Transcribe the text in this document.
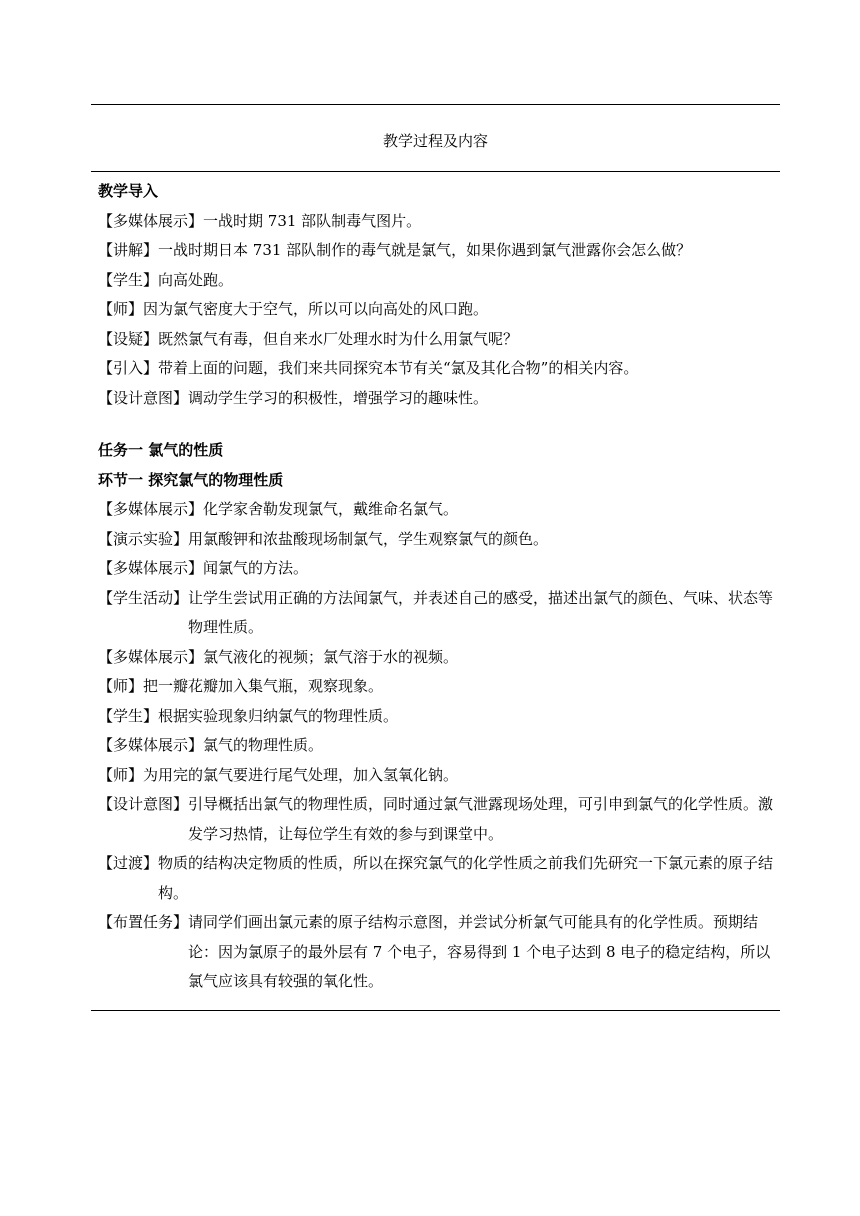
教学过程及内容
教学导入
【多媒体展示】 一战时期 731 部队制毒气图片。
【讲解】 一战时期日本 731 部队制作的毒气就是氯气，如果你遇到氯气泄露你会怎么做？
【学生】 向高处跑。
【师】 因为氯气密度大于空气，所以可以向高处的风口跑。
【设疑】 既然氯气有毒，但自来水厂处理水时为什么用氯气呢？
【引入】 带着上面的问题，我们来共同探究本节有关“氯及其化合物”的相关内容。
【设计意图】 调动学生学习的积极性，增强学习的趣味性。
任务一 氯气的性质
环节一 探究氯气的物理性质
【多媒体展示】 化学家舍勒发现氯气，戴维命名氯气。
【演示实验】 用氯酸钾和浓盐酸现场制氯气，学生观察氯气的颜色。
【多媒体展示】 闻氯气的方法。
【学生活动】 让学生尝试用正确的方法闻氯气，并表述自己的感受，描述出氯气的颜色、气味、状态等物理性质。
【多媒体展示】 氯气液化的视频；氯气溶于水的视频。
【师】 把一瓣花瓣加入集气瓶，观察现象。
【学生】 根据实验现象归纳氯气的物理性质。
【多媒体展示】 氯气的物理性质。
【师】 为用完的氯气要进行尾气处理，加入氢氧化钠。
【设计意图】 引导概括出氯气的物理性质，同时通过氯气泄露现场处理，可引申到氯气的化学性质。激发学习热情，让每位学生有效的参与到课堂中。
【过渡】 物质的结构决定物质的性质，所以在探究氯气的化学性质之前我们先研究一下氯元素的原子结构。
【布置任务】 请同学们画出氯元素的原子结构示意图，并尝试分析氯气可能具有的化学性质。预期结论：因为氯原子的最外层有 7 个电子，容易得到 1 个电子达到 8 电子的稳定结构，所以氯气应该具有较强的氧化性。
